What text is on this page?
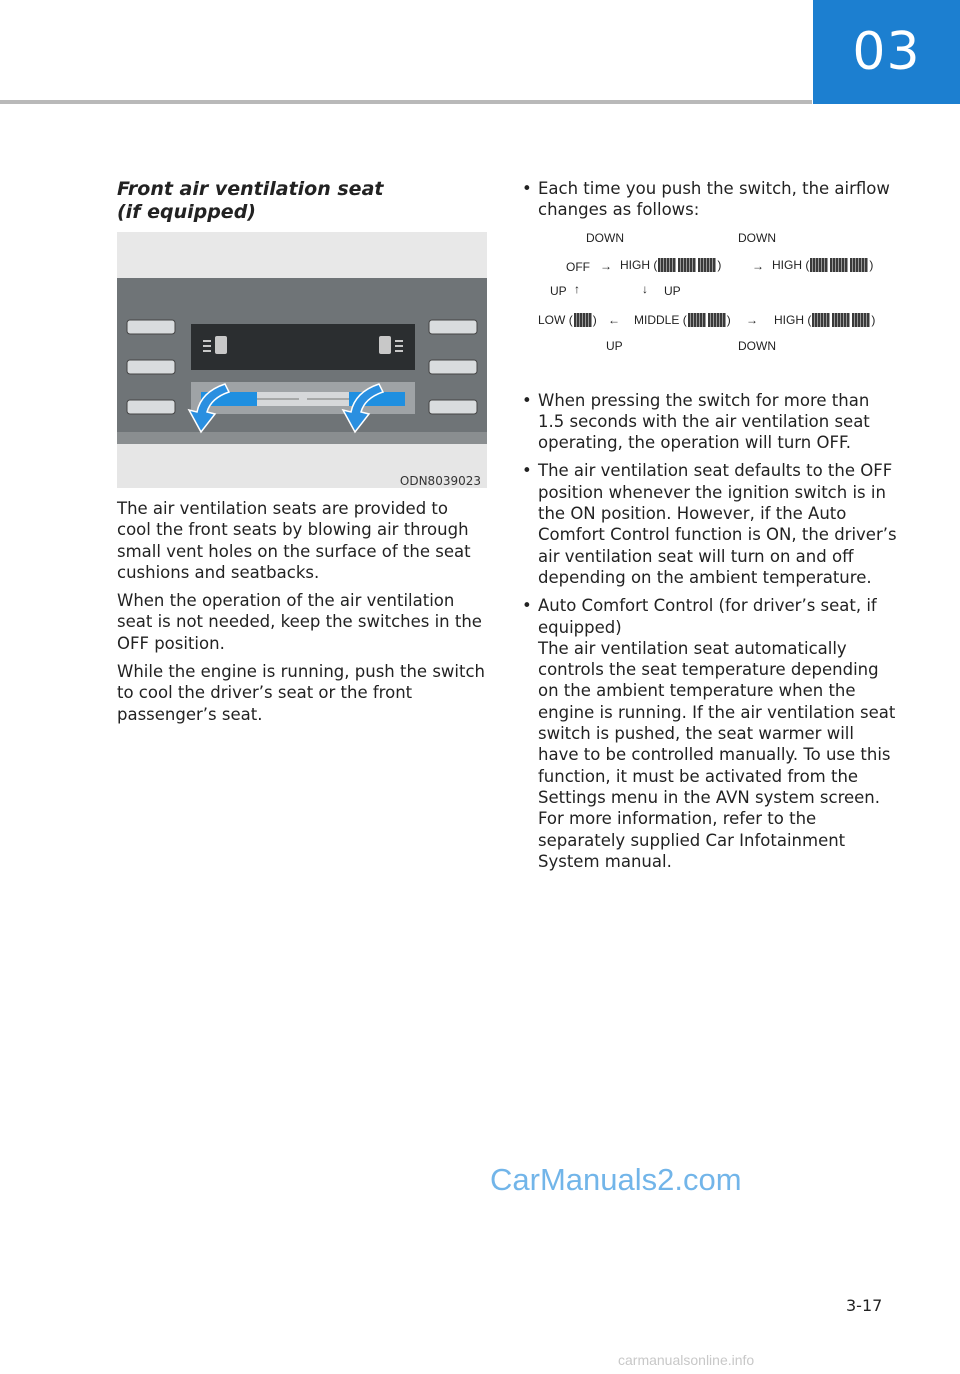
03
Front air ventilation seat
(if equipped)
ODN8039023

The air ventilation seats are provided to cool the front seats by blowing air through small vent holes on the surface of the seat cushions and seatbacks.

When the operation of the air ventilation seat is not needed, keep the switches in the OFF position.

While the engine is running, push the switch to cool the driver’s seat or the front passenger’s seat.

• Each time you push the switch, the airflow changes as follows:
DOWN	DOWN
OFF → HIGH (	)	→ HIGH (	)
UP ↑	↓ UP
LOW ( ) ← MIDDLE (	) → HIGH (	)
UP	DOWN
• When pressing the switch for more than 1.5 seconds with the air ventilation seat operating, the operation will turn OFF.
• The air ventilation seat defaults to the OFF position whenever the ignition switch is in the ON position. However, if the Auto Comfort Control function is ON, the driver’s air ventilation seat will turn on and off depending on the ambient temperature.
• Auto Comfort Control (for driver’s seat, if equipped)
The air ventilation seat automatically controls the seat temperature depending on the ambient temperature when the engine is running. If the air ventilation seat switch is pushed, the seat warmer will have to be controlled manually. To use this function, it must be activated from the Settings menu in the AVN system screen. For more information, refer to the separately supplied Car Infotainment System manual.
CarManuals2.com
3-17
carmanualsonline.info
